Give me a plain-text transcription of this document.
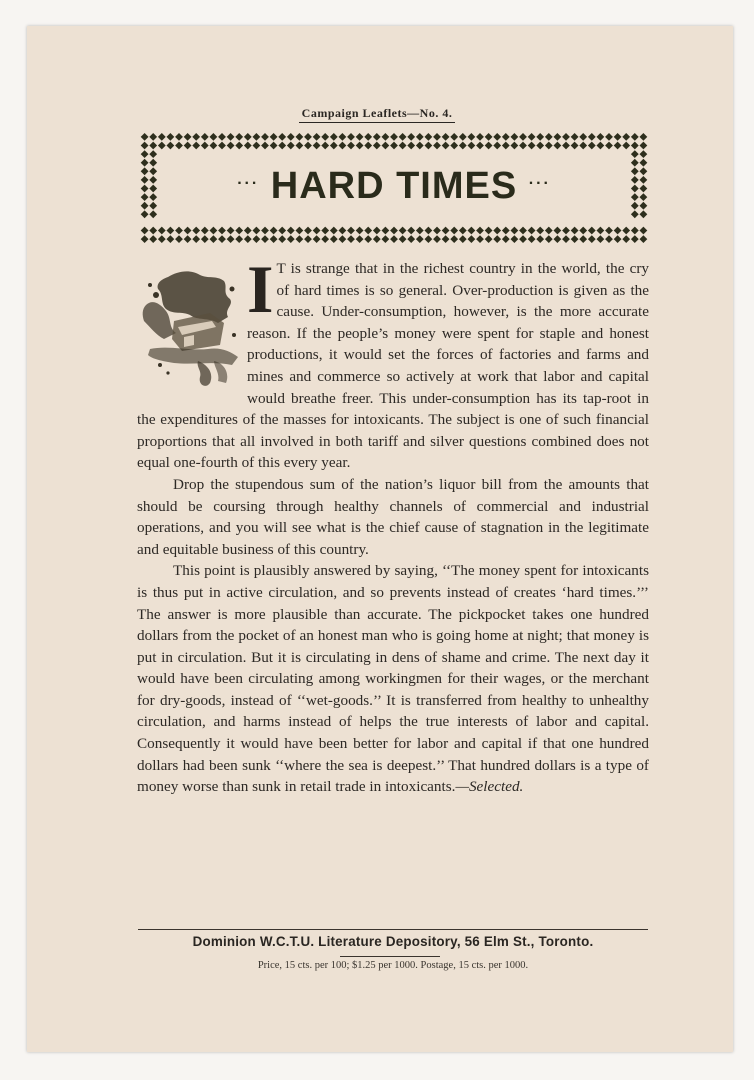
Campaign Leaflets—No. 4.
··· HARD TIMES ···
I T is strange that in the richest country in the world, the cry of hard times is so general. Over-production is given as the cause. Under-consumption, however, is the more accurate reason. If the people’s money were spent for staple and honest productions, it would set the forces of factories and farms and mines and commerce so actively at work that labor and capital would breathe freer. This under-consumption has its tap-root in the expenditures of the masses for intoxicants. The subject is one of such financial proportions that all involved in both tariff and silver questions combined does not equal one-fourth of this every year.

Drop the stupendous sum of the nation’s liquor bill from the amounts that should be coursing through healthy channels of commercial and industrial operations, and you will see what is the chief cause of stagnation in the legitimate and equitable business of this country.

This point is plausibly answered by saying, ‘‘The money spent for intoxicants is thus put in active circulation, and so prevents instead of creates ‘hard times.’’’ The answer is more plausible than accurate. The pickpocket takes one hundred dollars from the pocket of an honest man who is going home at night; that money is put in circulation. But it is circulating in dens of shame and crime. The next day it would have been circulating among workingmen for their wages, or the merchant for dry-goods, instead of ‘‘wet-goods.’’ It is transferred from healthy to unhealthy circulation, and harms instead of helps the true interests of labor and capital. Consequently it would have been better for labor and capital if that one hundred dollars had been sunk ‘‘where the sea is deepest.’’ That hundred dollars is a type of money worse than sunk in retail trade in intoxicants.—Selected.

Dominion W.C.T.U. Literature Depository, 56 Elm St., Toronto.
Price, 15 cts. per 100; $1.25 per 1000. Postage, 15 cts. per 1000.
